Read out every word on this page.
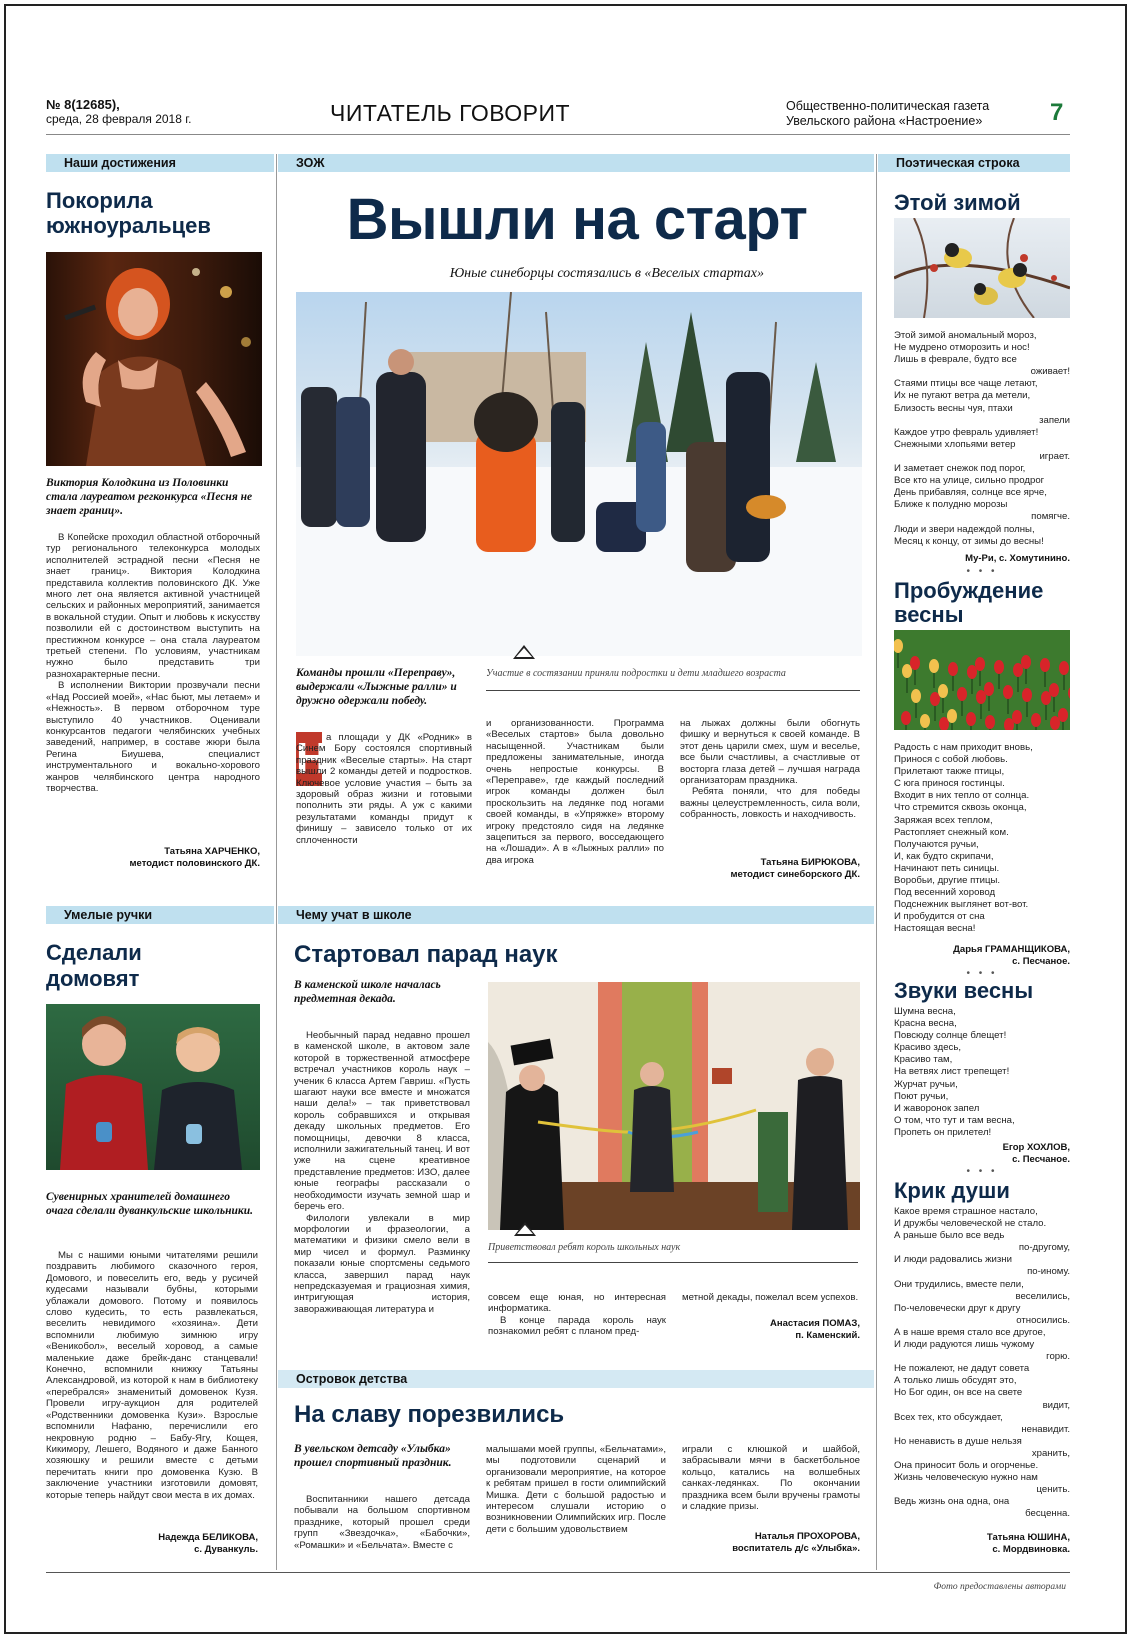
№ 8(12685),
среда, 28 февраля 2018 г.	ЧИТАТЕЛЬ ГОВОРИТ	Общественно-политическая газета
Увельского района «Настроение»	7
Наши достижения	ЗОЖ	Поэтическая строка
Покорила
южноуральцев
Виктория Колодкина из Половинки стала лауреатом регконкурса «Песня не знает границ».

В Копейске проходил областной отборочный тур регионального телеконкурса молодых исполнителей эстрадной песни «Песня не знает границ». Виктория Колодкина представила коллектив половинского ДК. Уже много лет она является активной участницей сельских и районных мероприятий, занимается в вокальной студии. Опыт и любовь к искусству позволили ей с достоинством выступить на престижном конкурсе – она стала лауреатом третьей степени. По условиям, участникам нужно было представить три разнохарактерные песни.

В исполнении Виктории прозвучали песни «Над Россией моей», «Нас бьют, мы летаем» и «Нежность». В первом отборочном туре выступило 40 участников. Оценивали конкурсантов педагоги челябинских учебных заведений, например, в составе жюри была Регина Биушева, специалист инструментального и вокально-хорового жанров челябинского центра народного творчества.

Татьяна ХАРЧЕНКО,
методист половинского ДК.
Вышли на старт
Юные синеборцы состязались в «Веселых стартах»
Команды прошли «Переправу», выдержали «Лыжные ралли» и дружно одержали победу.
Участие в состязании приняли подростки и дети младшего возраста
Н
а площади у ДК «Родник» в Синем Бору состоялся спортивный праздник «Веселые старты». На старт вышли 2 команды детей и подростков. Ключевое условие участия – быть за здоровый образ жизни и готовыми пополнить эти ряды. А уж с какими результатами команды придут к финишу – зависело только от их сплоченности
и организованности. Программа «Веселых стартов» была довольно насыщенной. Участникам были предложены занимательные, иногда очень непростые конкурсы. В «Переправе», где каждый последний игрок команды должен был проскользить на ледянке под ногами своей команды, в «Упряжке» второму игроку предстояло сидя на ледянке зацепиться за первого, восседающего на «Лошади». А в «Лыжных ралли» по два игрока
на лыжах должны были обогнуть фишку и вернуться к своей команде. В этот день царили смех, шум и веселье, все были счастливы, а счастливые от восторга глаза детей – лучшая награда организаторам праздника.
Ребята поняли, что для победы важны целеустремленность, сила воли, собранность, ловкость и находчивость.
Татьяна БИРЮКОВА,
методист синеборского ДК.
Этой зимой
Этой зимой аномальный мороз,
Не мудрено отморозить и нос!
Лишь в феврале, будто все
оживает!
Стаями птицы все чаще летают,
Их не пугают ветра да метели,
Близость весны чуя, птахи
запели
Каждое утро февраль удивляет!
Снежными хлопьями ветер
играет.
И заметает снежок под порог,
Все кто на улице, сильно продрог
День прибавляя, солнце все ярче,
Ближе к полудню морозы
помягче.
Люди и звери надеждой полны,
Месяц к концу, от зимы до весны!
Му-Ри, с. Хомутинино.
• • •
Пробуждение
весны
Радость с нам приходит вновь,
Принося с собой любовь.
Прилетают также птицы,
С юга принося гостинцы.
Входит в них тепло от солнца.
Что стремится сквозь оконца,
Заряжая всех теплом,
Растопляет снежный ком.
Получаются ручьи,
И, как будто скрипачи,
Начинают петь синицы.
Воробьи, другие птицы.
Под весенний хоровод
Подснежник выглянет вот-вот.
И пробудится от сна
Настоящая весна!
Дарья ГРАМАНЩИКОВА,
с. Песчаное.
• • •
Звуки весны
Шумна весна,
Красна весна,
Повсюду солнце блещет!
Красиво здесь,
Красиво там,
На ветвях лист трепещет!
Журчат ручьи,
Поют ручьи,
И жаворонок запел
О том, что тут и там весна,
Пропеть он прилетел!
Егор ХОХЛОВ,
с. Песчаное.
• • •
Крик души
Какое время страшное настало,
И дружбы человеческой не стало.
А раньше было все ведь
по-другому,
И люди радовались жизни
по-иному.
Они трудились, вместе пели,
веселились,
По-человечески друг к другу
относились.
А в наше время стало все другое,
И люди радуются лишь чужому
горю.
Не пожалеют, не дадут совета
А только лишь обсудят это,
Но Бог один, он все на свете
видит,
Всех тех, кто обсуждает,
ненавидит.
Но ненависть в душе нельзя
хранить,
Она приносит боль и огорченье.
Жизнь человеческую нужно нам
ценить.
Ведь жизнь она одна, она
бесценна.
Татьяна ЮШИНА,
с. Мордвиновка.
Умелые ручки	Чему учат в школе
Сделали
домовят
Сувенирных хранителей домашнего очага сделали дуванкульские школьники.

Мы с нашими юными читателями решили поздравить любимого сказочного героя, Домового, и повеселить его, ведь у русичей кудесами называли бубны, которыми ублажали домового. Потому и появилось слово кудесить, то есть развлекаться, веселить невидимого «хозяина». Дети вспомнили любимую зимнюю игру «Веникобол», веселый хоровод, а самые маленькие даже брейк-данс станцевали! Конечно, вспомнили книжку Татьяны Александровой, из которой к нам в библиотеку «перебрался» знаменитый домовенок Кузя. Провели игру-аукцион для родителей «Родственники домовенка Кузи». Взрослые вспомнили Нафаню, перечислили его некровную родню – Бабу-Ягу, Кощея, Кикимору, Лешего, Водяного и даже Банного хозяюшку и решили вместе с детьми перечитать книги про домовенка Кузю. В заключение участники изготовили домовят, которые теперь найдут свои места в их домах.

Надежда БЕЛИКОВА,
с. Дуванкуль.
Стартовал парад наук
В каменской школе началась предметная декада.

Необычный парад недавно прошел в каменской школе, в актовом зале которой в торжественной атмосфере встречал участников король наук – ученик 6 класса Артем Гавриш. «Пусть шагают науки все вместе и множатся наши дела!» – так приветствовал король собравшихся и открывая декаду школьных предметов. Его помощницы, девочки 8 класса, исполнили зажигательный танец. И вот уже на сцене креативное представление предметов: ИЗО, далее юные географы рассказали о необходимости изучать земной шар и беречь его.

Филологи увлекали в мир морфологии и фразеологии, а математики и физики смело вели в мир чисел и формул. Разминку показали юные спортсмены седьмого класса, завершил парад наук непредсказуемая и грациозная химия, интригующая история, завораживающая литература и

Приветствовал ребят король школьных наук
совсем еще юная, но интересная информатика.
В конце парада король наук познакомил ребят с планом пред-
метной декады, пожелал всем успехов.
Анастасия ПОМАЗ,
п. Каменский.
Островок детства
На славу порезвились
В увельском детсаду «Улыбка» прошел спортивный праздник.

Воспитанники нашего детсада побывали на большом спортивном празднике, который прошел среди групп «Звездочка», «Бабочки», «Ромашки» и «Бельчата». Вместе с

малышами моей группы, «Бельчатами», мы подготовили сценарий и организовали мероприятие, на которое к ребятам пришел в гости олимпийский Мишка. Дети с большой радостью и интересом слушали историю о возникновении Олимпийских игр. После дети с большим удовольствием
играли с клюшкой и шайбой, забрасывали мячи в баскетбольное кольцо, катались на волшебных санках-ледянках. По окончании праздника всем были вручены грамоты и сладкие призы.
Наталья ПРОХОРОВА,
воспитатель д/с «Улыбка».
Фото предоставлены авторами
